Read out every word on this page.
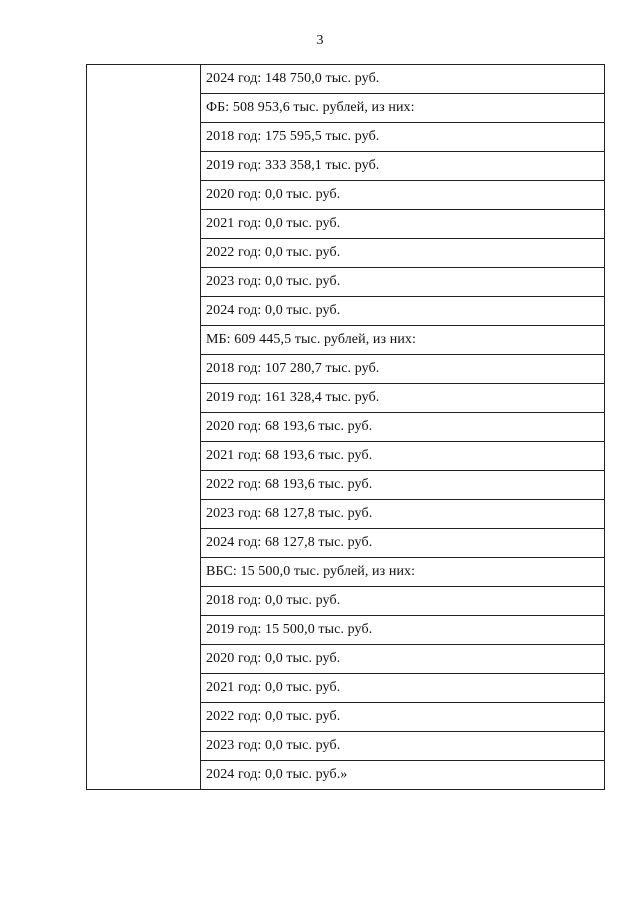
3
	2024 год: 148 750,0 тыс. руб.
ФБ: 508 953,6 тыс. рублей, из них:
2018 год: 175 595,5 тыс. руб.
2019 год: 333 358,1 тыс. руб.
2020 год: 0,0 тыс. руб.
2021 год: 0,0 тыс. руб.
2022 год: 0,0 тыс. руб.
2023 год: 0,0 тыс. руб.
2024 год: 0,0 тыс. руб.
МБ: 609 445,5 тыс. рублей, из них:
2018 год: 107 280,7 тыс. руб.
2019 год: 161 328,4 тыс. руб.
2020 год: 68 193,6 тыс. руб.
2021 год: 68 193,6 тыс. руб.
2022 год: 68 193,6 тыс. руб.
2023 год: 68 127,8 тыс. руб.
2024 год: 68 127,8 тыс. руб.
ВБС: 15 500,0 тыс. рублей, из них:
2018 год: 0,0 тыс. руб.
2019 год: 15 500,0 тыс. руб.
2020 год: 0,0 тыс. руб.
2021 год: 0,0 тыс. руб.
2022 год: 0,0 тыс. руб.
2023 год: 0,0 тыс. руб.
2024 год: 0,0 тыс. руб.»
